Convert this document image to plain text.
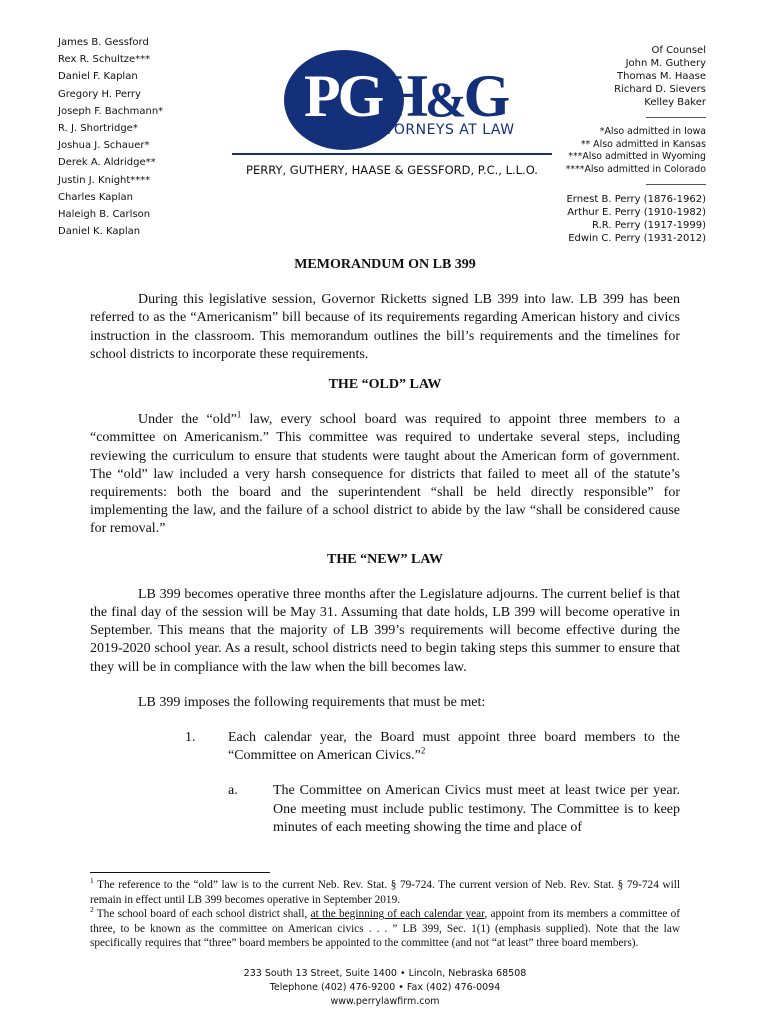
James B. Gessford
Rex R. Schultze***
Daniel F. Kaplan
Gregory H. Perry
Joseph F. Bachmann*
R. J. Shortridge*
Joshua J. Schauer*
Derek A. Aldridge**
Justin J. Knight****
Charles Kaplan
Haleigh B. Carlson
Daniel K. Kaplan
PGH&G
ATTORNEYS AT LAW
PERRY, GUTHERY, HAASE & GESSFORD, P.C., L.L.O.
Of Counsel
John M. Guthery
Thomas M. Haase
Richard D. Sievers
Kelley Baker
*Also admitted in Iowa
** Also admitted in Kansas
***Also admitted in Wyoming
****Also admitted in Colorado
Ernest B. Perry (1876-1962)
Arthur E. Perry (1910-1982)
R.R. Perry (1917-1999)
Edwin C. Perry (1931-2012)

MEMORANDUM ON LB 399

During this legislative session, Governor Ricketts signed LB 399 into law. LB 399 has been referred to as the “Americanism” bill because of its requirements regarding American history and civics instruction in the classroom. This memorandum outlines the bill’s requirements and the timelines for school districts to incorporate these requirements.

THE “OLD” LAW

Under the “old”$^1$ law, every school board was required to appoint three members to a “committee on Americanism.” This committee was required to undertake several steps, including reviewing the curriculum to ensure that students were taught about the American form of government. The “old” law included a very harsh consequence for districts that failed to meet all of the statute’s requirements: both the board and the superintendent “shall be held directly responsible” for implementing the law, and the failure of a school district to abide by the law “shall be considered cause for removal.”

THE “NEW” LAW

LB 399 becomes operative three months after the Legislature adjourns. The current belief is that the final day of the session will be May 31. Assuming that date holds, LB 399 will become operative in September. This means that the majority of LB 399’s requirements will become effective during the 2019-2020 school year. As a result, school districts need to begin taking steps this summer to ensure that they will be in compliance with the law when the bill becomes law.

LB 399 imposes the following requirements that must be met:

1. Each calendar year, the Board must appoint three board members to the “Committee on American Civics.”$^2$
a.	The Committee on American Civics must meet at least twice per year. One meeting must include public testimony. The Committee is to keep minutes of each meeting showing the time and place of

$^1$ The reference to the “old” law is to the current Neb. Rev. Stat. § 79-724. The current version of Neb. Rev. Stat. § 79-724 will remain in effect until LB 399 becomes operative in September 2019.

$^2$ The school board of each school district shall, at the beginning of each calendar year, appoint from its members a committee of three, to be known as the committee on American civics . . . ” LB 399, Sec. 1(1) (emphasis supplied). Note that the law specifically requires that “three” board members be appointed to the committee (and not “at least” three board members).

233 South 13 Street, Suite 1400 • Lincoln, Nebraska 68508
Telephone (402) 476-9200 • Fax (402) 476-0094
www.perrylawfirm.com
